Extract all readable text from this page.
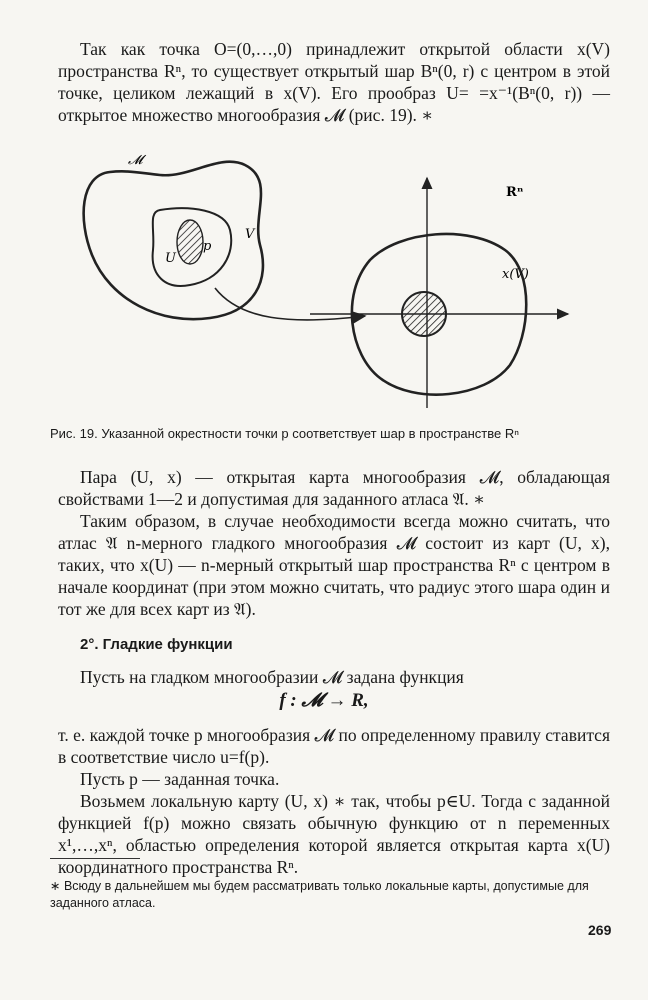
Так как точка O=(0,…,0) принадлежит открытой области x(V) пространства Rⁿ, то существует открытый шар Bⁿ(0, r) с центром в этой точке, целиком лежащий в x(V). Его прообраз U= =x⁻¹(Bⁿ(0, r)) — открытое множество многообразия 𝓜 (рис. 19). ∗
𝓜
V
U
p
Rⁿ
x(V)
Рис. 19. Указанной окрестности точки p соответствует шар в пространстве Rⁿ
Пара (U, x) — открытая карта многообразия 𝓜, обладающая свойствами 1—2 и допустимая для заданного атласа 𝔄. ∗
Таким образом, в случае необходимости всегда можно считать, что атлас 𝔄 n-мерного гладкого многообразия 𝓜 состоит из карт (U, x), таких, что x(U) — n-мерный открытый шар пространства Rⁿ с центром в начале координат (при этом можно считать, что радиус этого шара один и тот же для всех карт из 𝔄).
2°. Гладкие функции
Пусть на гладком многообразии 𝓜 задана функция
f : 𝓜 → R,
т. е. каждой точке p многообразия 𝓜 по определенному правилу ставится в соответствие число u=f(p).
Пусть p — заданная точка.
Возьмем локальную карту (U, x) ∗ так, чтобы p∈U. Тогда с заданной функцией f(p) можно связать обычную функцию от n переменных x¹,…,xⁿ, областью определения которой является открытая карта x(U) координатного пространства Rⁿ.
∗ Всюду в дальнейшем мы будем рассматривать только локальные карты, допустимые для заданного атласа.
269
